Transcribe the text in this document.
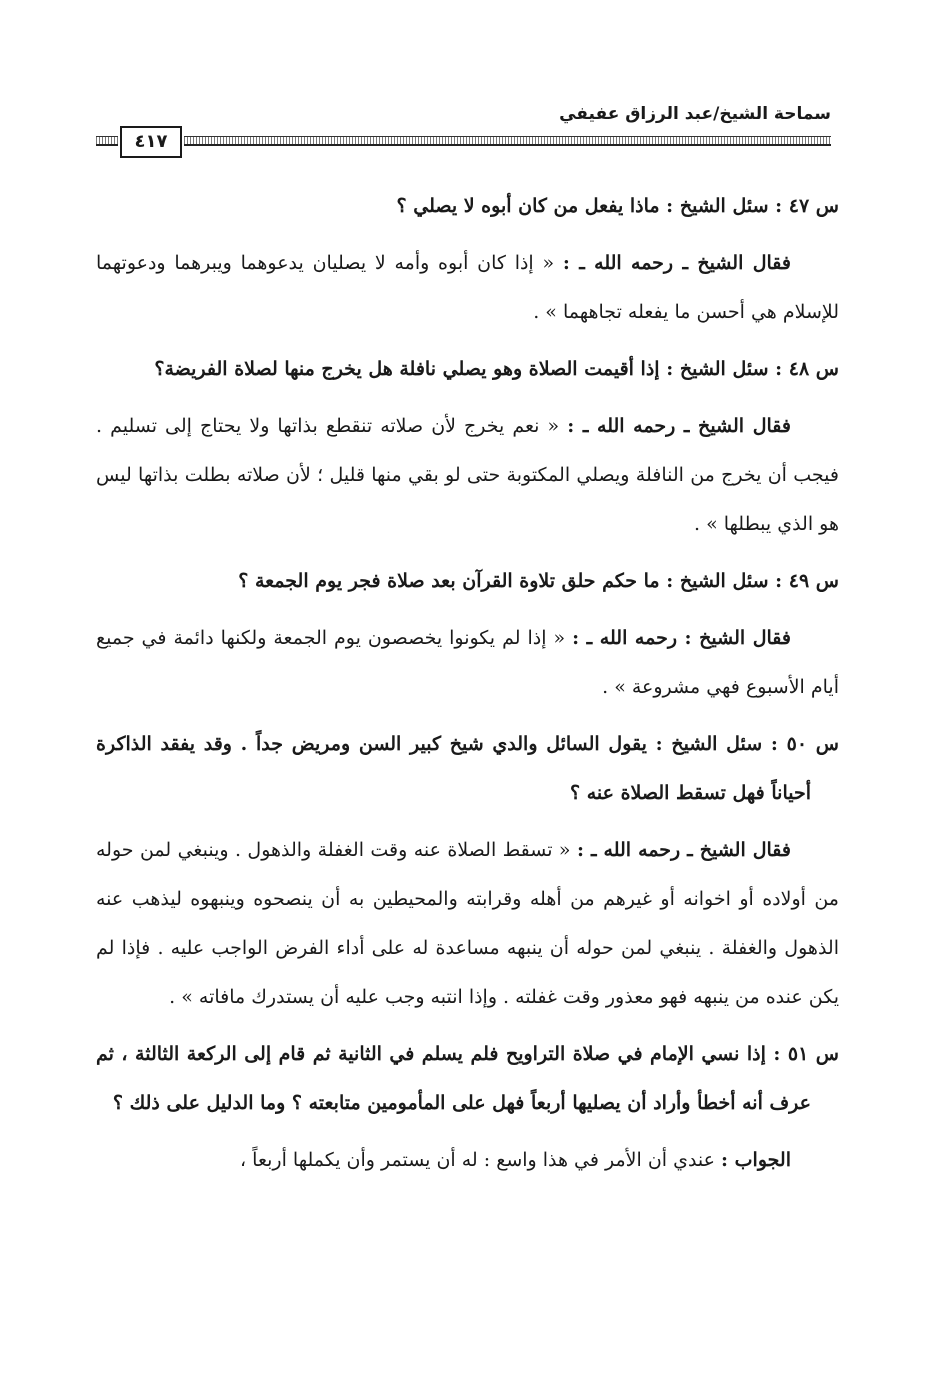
سماحة الشيخ/عبد الرزاق عفيفي
٤١٧

س ٤٧ : سئل الشيخ : ماذا يفعل من كان أبوه لا يصلي ؟

فقال الشيخ ـ رحمه الله ـ : « إذا كان أبوه وأمه لا يصليان يدعوهما ويبرهما ودعوتهما للإسلام هي أحسن ما يفعله تجاههما » .

س ٤٨ : سئل الشيخ : إذا أقيمت الصلاة وهو يصلي نافلة هل يخرج منها لصلاة الفريضة؟

فقال الشيخ ـ رحمه الله ـ : « نعم يخرج لأن صلاته تنقطع بذاتها ولا يحتاج إلى تسليم . فيجب أن يخرج من النافلة ويصلي المكتوبة حتى لو بقي منها قليل ؛ لأن صلاته بطلت بذاتها ليس هو الذي يبطلها » .

س ٤٩ : سئل الشيخ : ما حكم حلق تلاوة القرآن بعد صلاة فجر يوم الجمعة ؟

فقال الشيخ : رحمه الله ـ : « إذا لم يكونوا يخصصون يوم الجمعة ولكنها دائمة في جميع أيام الأسبوع فهي مشروعة » .

س ٥٠ : سئل الشيخ : يقول السائل والدي شيخ كبير السن ومريض جداً . وقد يفقد الذاكرة أحياناً فهل تسقط الصلاة عنه ؟

فقال الشيخ ـ رحمه الله ـ : « تسقط الصلاة عنه وقت الغفلة والذهول . وينبغي لمن حوله من أولاده أو اخوانه أو غيرهم من أهله وقرابته والمحيطين به أن ينصحوه وينبهوه ليذهب عنه الذهول والغفلة . ينبغي لمن حوله أن ينبهه مساعدة له على أداء الفرض الواجب عليه . فإذا لم يكن عنده من ينبهه فهو معذور وقت غفلته . وإذا انتبه وجب عليه أن يستدرك مافاته » .

س ٥١ : إذا نسي الإمام في صلاة التراويح فلم يسلم في الثانية ثم قام إلى الركعة الثالثة ، ثم عرف أنه أخطأ وأراد أن يصليها أربعاً فهل على المأمومين متابعته ؟ وما الدليل على ذلك ؟

الجواب : عندي أن الأمر في هذا واسع : له أن يستمر وأن يكملها أربعاً ،
